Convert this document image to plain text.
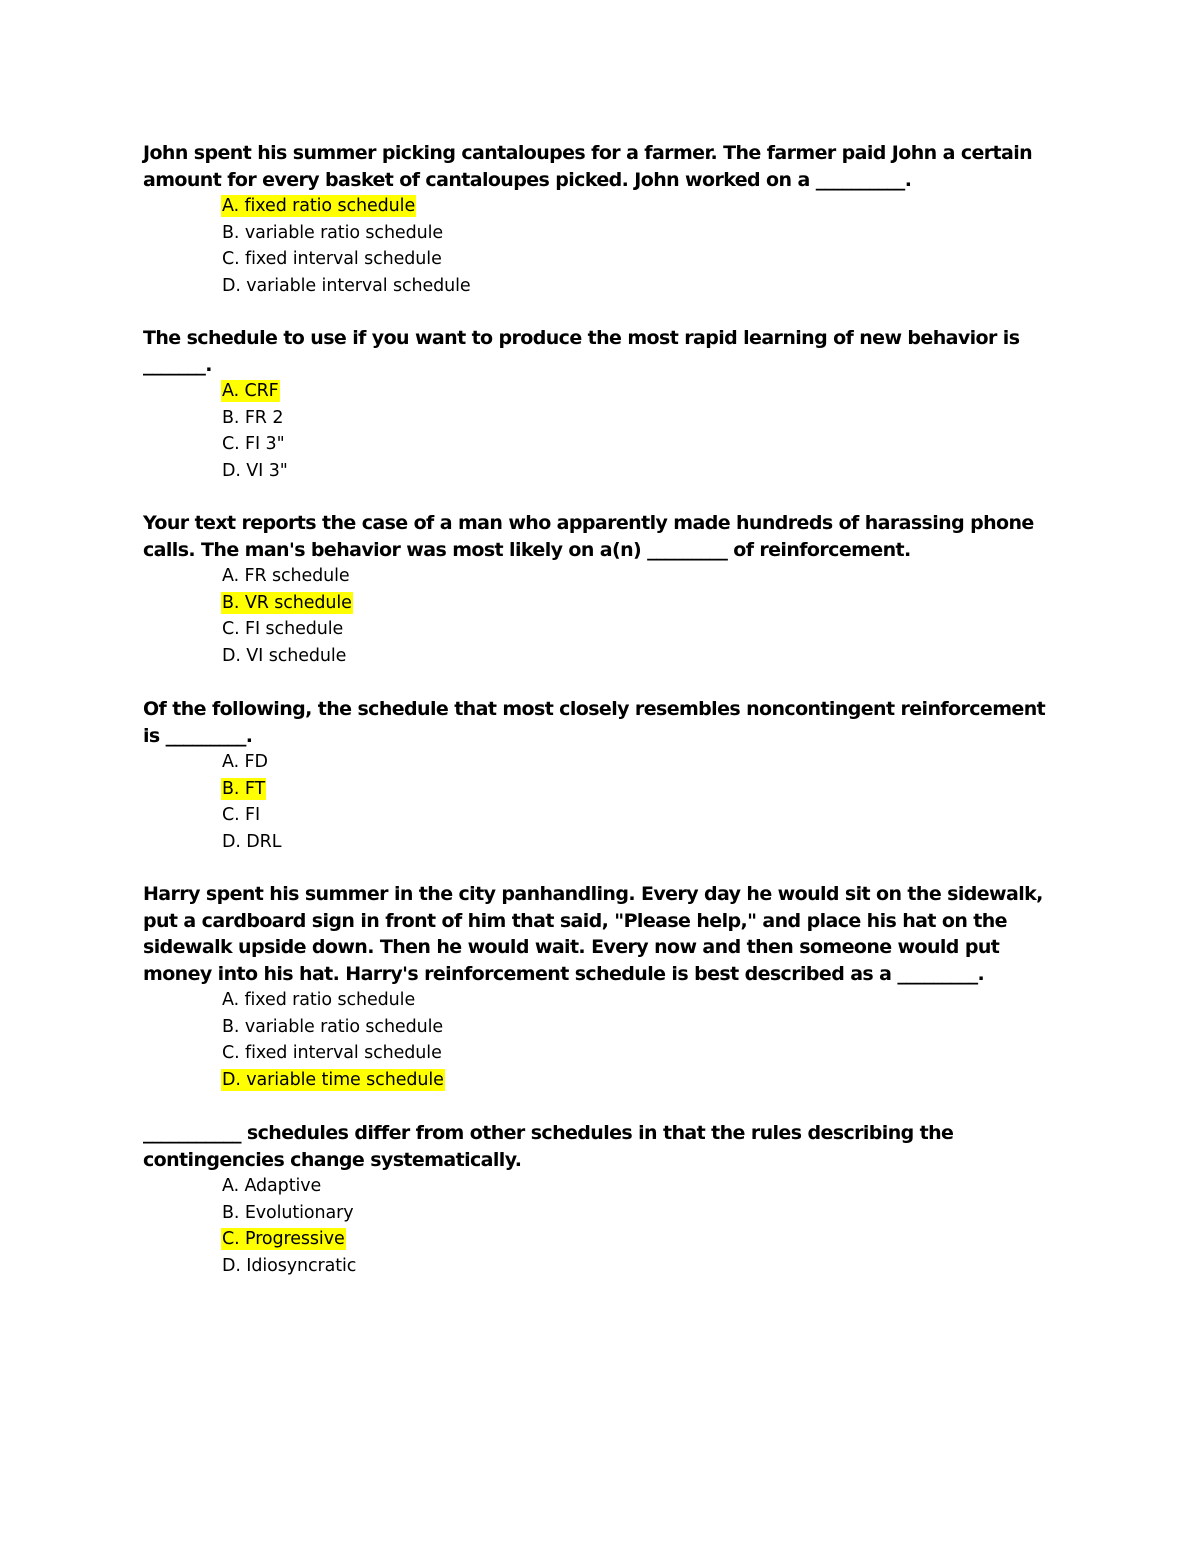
John spent his summer picking cantaloupes for a farmer. The farmer paid John a certain amount for every basket of cantaloupes picked. John worked on a __________.

A. fixed ratio schedule
B. variable ratio schedule
C. fixed interval schedule
D. variable interval schedule

The schedule to use if you want to produce the most rapid learning of new behavior is _______.

A. CRF
B. FR 2
C. FI 3"
D. VI 3"

Your text reports the case of a man who apparently made hundreds of harassing phone calls. The man's behavior was most likely on a(n) _________ of reinforcement.

A. FR schedule
B. VR schedule
C. FI schedule
D. VI schedule

Of the following, the schedule that most closely resembles noncontingent reinforcement is _________.

A. FD
B. FT
C. FI
D. DRL

Harry spent his summer in the city panhandling. Every day he would sit on the sidewalk, put a cardboard sign in front of him that said, "Please help," and place his hat on the sidewalk upside down. Then he would wait. Every now and then someone would put money into his hat. Harry's reinforcement schedule is best described as a _________.

A. fixed ratio schedule
B. variable ratio schedule
C. fixed interval schedule
D. variable time schedule

___________ schedules differ from other schedules in that the rules describing the contingencies change systematically.

A. Adaptive
B. Evolutionary
C. Progressive
D. Idiosyncratic
